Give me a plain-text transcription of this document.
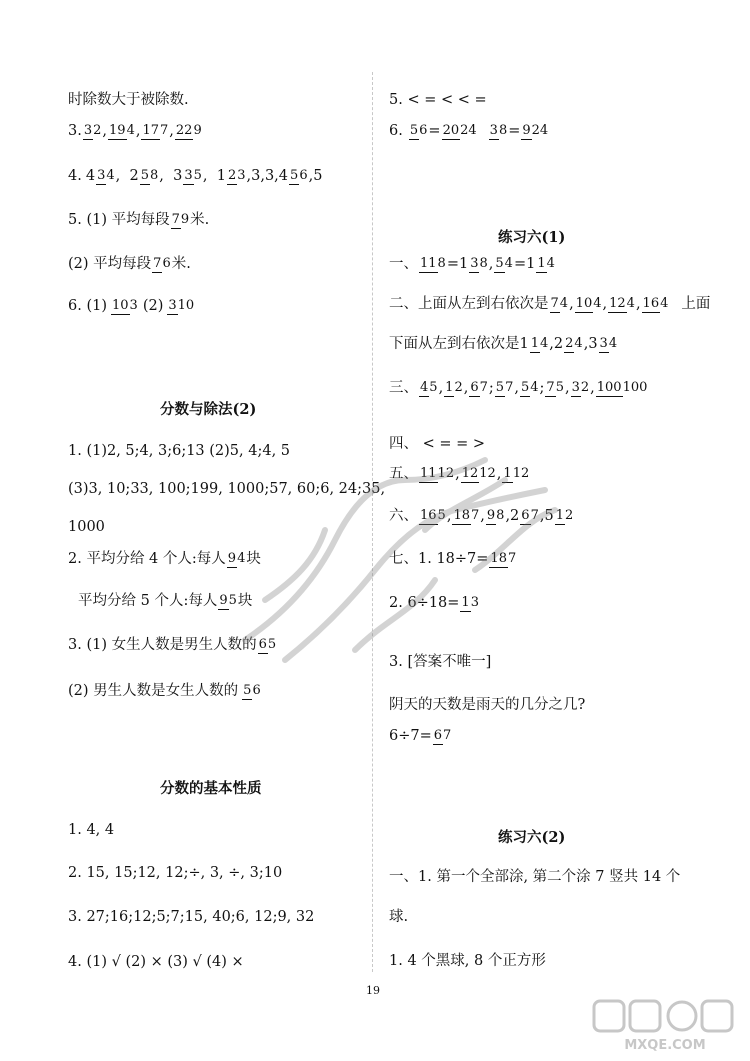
时除数大于被除数.
3. 32 , 194 , 177 , 229
4. 4 34 , 2 58 , 3 35 , 1 23 ,3,3, 4 56 ,5
5. (1) 平均每段 79 米.
(2) 平均每段 76 米.
6. (1) 103 (2) 310
分数与除法(2)
1. (1)2, 5;4, 3;6;13 (2)5, 4;4, 5
(3)3, 10;33, 100;199, 1000;57, 60;6, 24;35,
1000
2. 平均分给 4 个人:每人 94 块
平均分给 5 个人:每人 95 块
3. (1) 女生人数是男生人数的 65
(2) 男生人数是女生人数的 56
分数的基本性质
1. 4, 4
2. 15, 15;12, 12;÷, 3, ÷, 3;10
3. 27;16;12;5;7;15, 40;6, 12;9, 32
4. (1) √ (2) × (3) √ (4) ×
5. < = < < =
6. 56 = 2024 38 = 924
练习六(1)
一、 118 =1 38 , 54 =1 14
二、上面从左到右依次是 74 , 104 , 124 , 164 上面
下面从左到右依次是 1 14 , 2 24 , 3 34
三、 45 , 12 , 67 ; 57 , 54 ; 75 , 32 , 100100
四、 < = = >
五、 1112 , 1212 , 112
六、 165 , 187 , 98 , 2 67 , 5 12
七、1. 18÷7= 187
2. 6÷18= 13
3. [答案不唯一]
阴天的天数是雨天的几分之几?
6÷7= 67
练习六(2)
一、1. 第一个全部涂, 第二个涂 7 竖共 14 个
球.
1. 4 个黑球, 8 个正方形
19
MXQE.COM
